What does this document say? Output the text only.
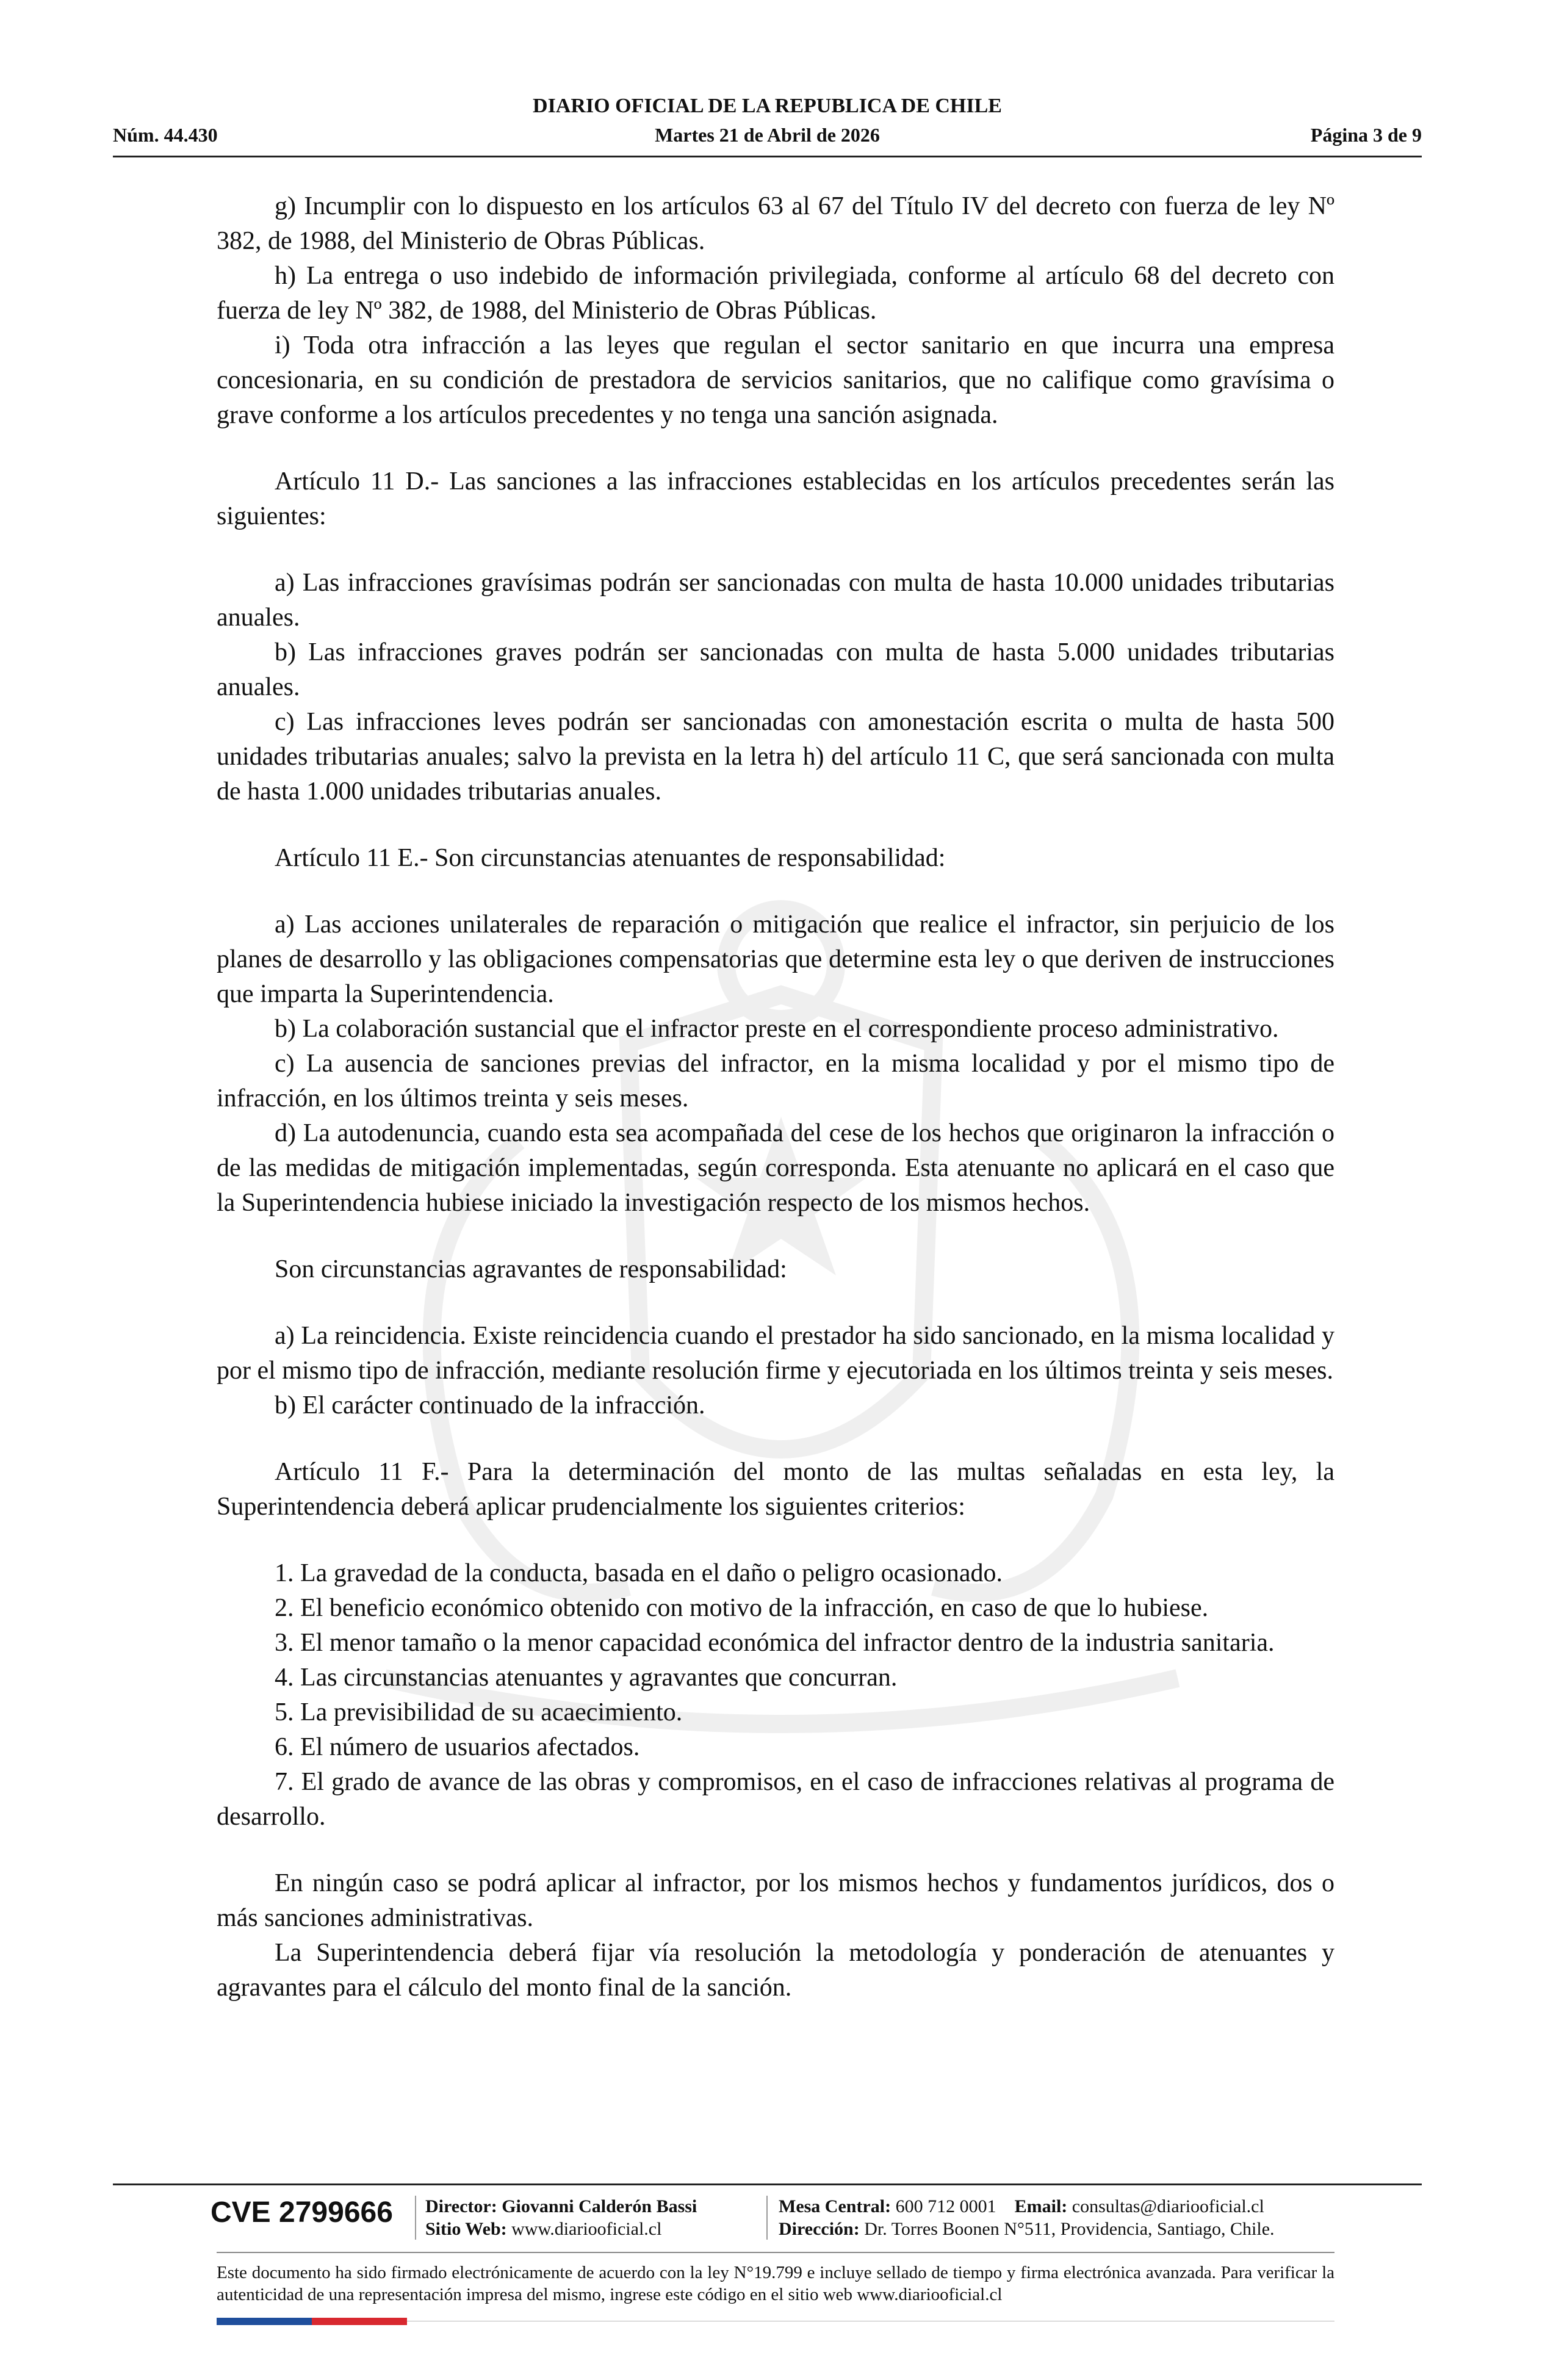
DIARIO OFICIAL DE LA REPUBLICA DE CHILE
Núm. 44.430	Martes 21 de Abril de 2026	Página 3 de 9

g) Incumplir con lo dispuesto en los artículos 63 al 67 del Título IV del decreto con fuerza de ley Nº 382, de 1988, del Ministerio de Obras Públicas.

h) La entrega o uso indebido de información privilegiada, conforme al artículo 68 del decreto con fuerza de ley Nº 382, de 1988, del Ministerio de Obras Públicas.

i) Toda otra infracción a las leyes que regulan el sector sanitario en que incurra una empresa concesionaria, en su condición de prestadora de servicios sanitarios, que no califique como gravísima o grave conforme a los artículos precedentes y no tenga una sanción asignada.

Artículo 11 D.- Las sanciones a las infracciones establecidas en los artículos precedentes serán las siguientes:

a) Las infracciones gravísimas podrán ser sancionadas con multa de hasta 10.000 unidades tributarias anuales.

b) Las infracciones graves podrán ser sancionadas con multa de hasta 5.000 unidades tributarias anuales.

c) Las infracciones leves podrán ser sancionadas con amonestación escrita o multa de hasta 500 unidades tributarias anuales; salvo la prevista en la letra h) del artículo 11 C, que será sancionada con multa de hasta 1.000 unidades tributarias anuales.

Artículo 11 E.- Son circunstancias atenuantes de responsabilidad:

a) Las acciones unilaterales de reparación o mitigación que realice el infractor, sin perjuicio de los planes de desarrollo y las obligaciones compensatorias que determine esta ley o que deriven de instrucciones que imparta la Superintendencia.

b) La colaboración sustancial que el infractor preste en el correspondiente proceso administrativo.

c) La ausencia de sanciones previas del infractor, en la misma localidad y por el mismo tipo de infracción, en los últimos treinta y seis meses.

d) La autodenuncia, cuando esta sea acompañada del cese de los hechos que originaron la infracción o de las medidas de mitigación implementadas, según corresponda. Esta atenuante no aplicará en el caso que la Superintendencia hubiese iniciado la investigación respecto de los mismos hechos.

Son circunstancias agravantes de responsabilidad:

a) La reincidencia. Existe reincidencia cuando el prestador ha sido sancionado, en la misma localidad y por el mismo tipo de infracción, mediante resolución firme y ejecutoriada en los últimos treinta y seis meses.

b) El carácter continuado de la infracción.

Artículo 11 F.- Para la determinación del monto de las multas señaladas en esta ley, la Superintendencia deberá aplicar prudencialmente los siguientes criterios:

1. La gravedad de la conducta, basada en el daño o peligro ocasionado.

2. El beneficio económico obtenido con motivo de la infracción, en caso de que lo hubiese.

3. El menor tamaño o la menor capacidad económica del infractor dentro de la industria sanitaria.

4. Las circunstancias atenuantes y agravantes que concurran.

5. La previsibilidad de su acaecimiento.

6. El número de usuarios afectados.

7. El grado de avance de las obras y compromisos, en el caso de infracciones relativas al programa de desarrollo.

En ningún caso se podrá aplicar al infractor, por los mismos hechos y fundamentos jurídicos, dos o más sanciones administrativas.

La Superintendencia deberá fijar vía resolución la metodología y ponderación de atenuantes y agravantes para el cálculo del monto final de la sanción.

CVE 2799666 Director: Giovanni Calderón Bassi
Sitio Web: www.diariooficial.cl
Mesa Central: 600 712 0001 Email: consultas@diariooficial.cl
Dirección: Dr. Torres Boonen N°511, Providencia, Santiago, Chile.
Este documento ha sido firmado electrónicamente de acuerdo con la ley N°19.799 e incluye sellado de tiempo y firma electrónica avanzada. Para verificar la autenticidad de una representación impresa del mismo, ingrese este código en el sitio web www.diariooficial.cl
